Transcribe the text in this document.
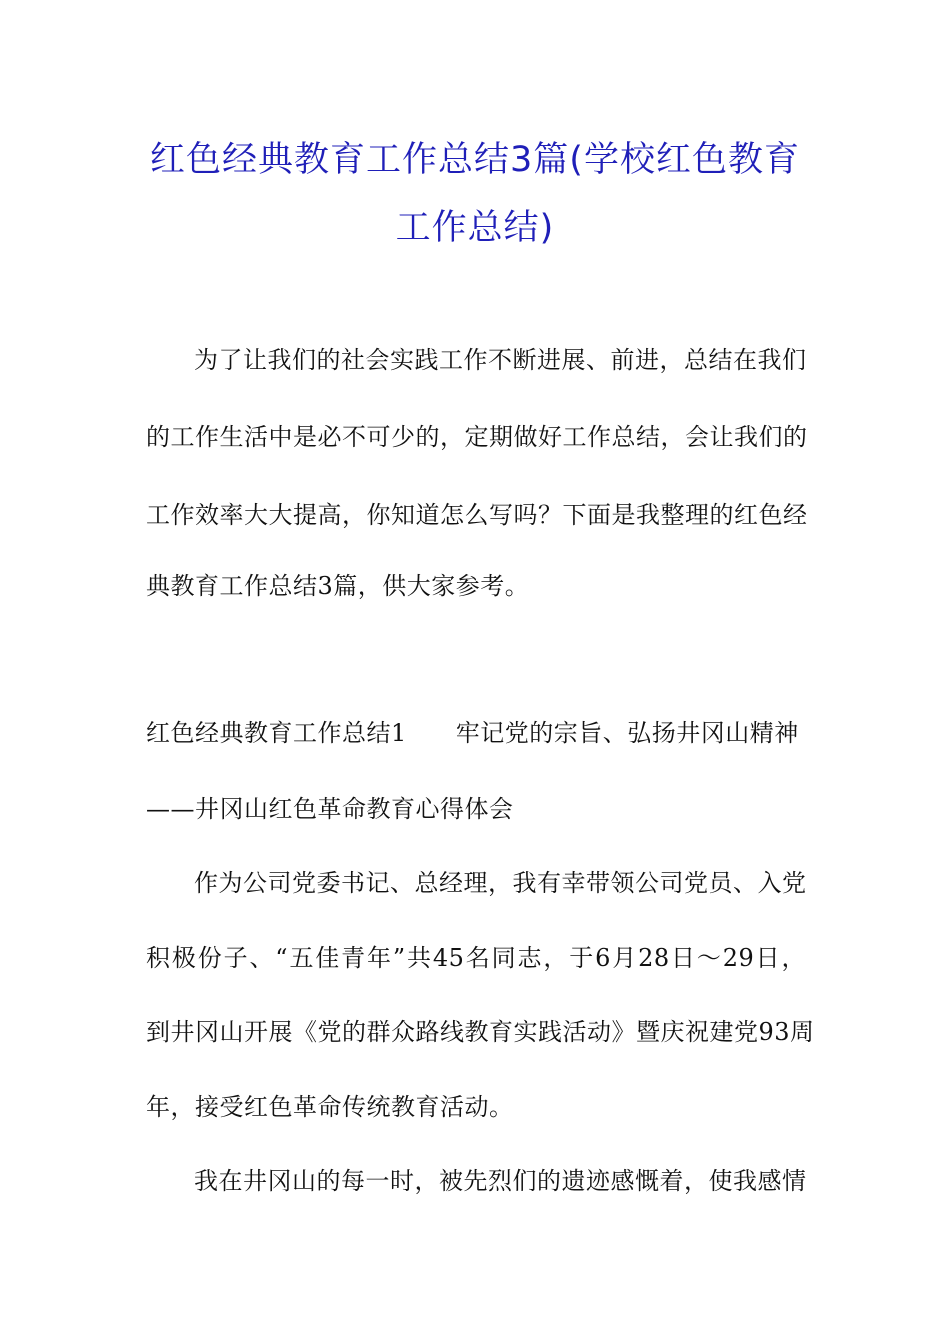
红色经典教育工作总结3篇(学校红色教育
工作总结)
为了让我们的社会实践工作不断进展、前进，总结在我们
的工作生活中是必不可少的，定期做好工作总结，会让我们的
工作效率大大提高，你知道怎么写吗？下面是我整理的红色经
典教育工作总结3篇，供大家参考。
红色经典教育工作总结1　　牢记党的宗旨、弘扬井冈山精神
——井冈山红色革命教育心得体会
作为公司党委书记、总经理，我有幸带领公司党员、入党
积极份子、“五佳青年”共45名同志，于6月28日～29日，
到井冈山开展《党的群众路线教育实践活动》暨庆祝建党93周
年，接受红色革命传统教育活动。
我在井冈山的每一时，被先烈们的遗迹感慨着，使我感情
